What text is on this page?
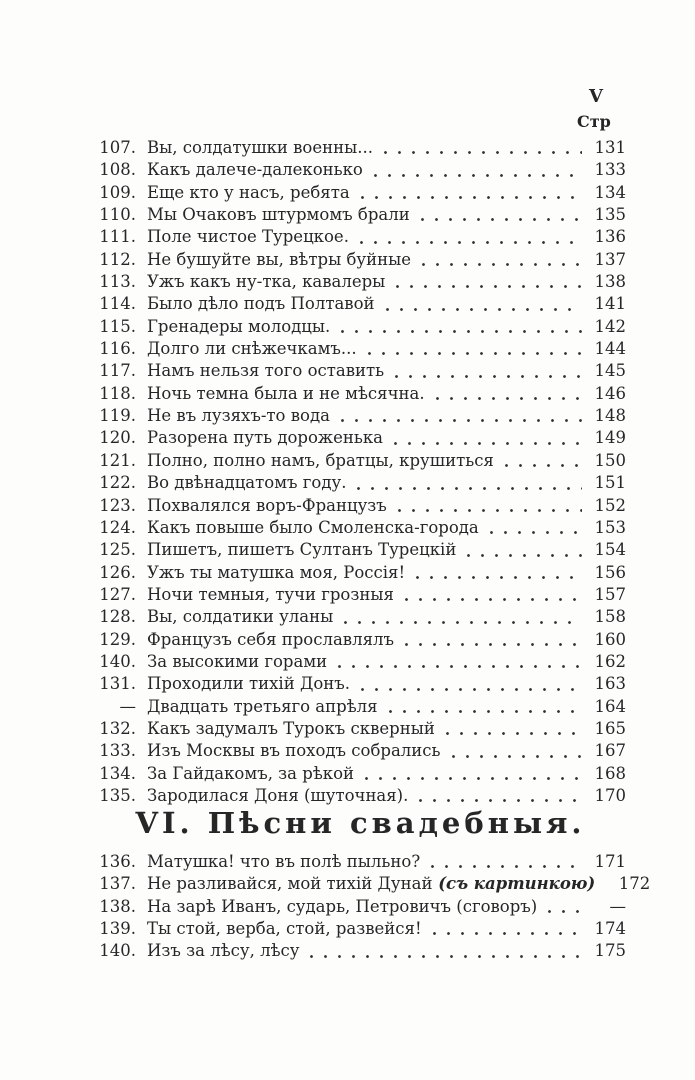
V
Стр
107. Вы, солдатушки военны...	131
108. Какъ далече-далеконько	133
109. Еще кто у насъ, ребята	134
110. Мы Очаковъ штурмомъ брали	135
111. Поле чистое Турецкое.	136
112. Не бушуйте вы, вѣтры буйные	137
113. Ужъ какъ ну-тка, кавалеры	138
114. Было дѣло подъ Полтавой	141
115. Гренадеры молодцы.	142
116. Долго ли снѣжечкамъ...	144
117. Намъ нельзя того оставить	145
118. Ночь темна была и не мѣсячна.	146
119. Не въ лузяхъ-то вода	148
120. Разорена путь дороженька	149
121. Полно, полно намъ, братцы, крушиться	150
122. Во двѣнадцатомъ году.	151
123. Похвалялся воръ-Французъ	152
124. Какъ повыше было Смоленска-города	153
125. Пишетъ, пишетъ Султанъ Турецкій	154
126. Ужъ ты матушка моя, Россія!	156
127. Ночи темныя, тучи грозныя	157
128. Вы, солдатики уланы	158
129. Французъ себя прославлялъ	160
140. За высокими горами	162
131. Проходили тихій Донъ.	163
— Двадцать третьяго апрѣля	164
132. Какъ задумалъ Турокъ скверный	165
133. Изъ Москвы въ походъ собрались	167
134. За Гайдакомъ, за рѣкой	168
135. Зародилася Доня (шуточная).	170
VI. Пѣсни свадебныя.
136. Матушка! что въ полѣ пыльно?	171
137. Не разливайся, мой тихій Дунай (съ картинкою) 172
138. На зарѣ Иванъ, сударь, Петровичъ (сговоръ)	—
139. Ты стой, верба, стой, развейся!	174
140. Изъ за лѣсу, лѣсу	175
